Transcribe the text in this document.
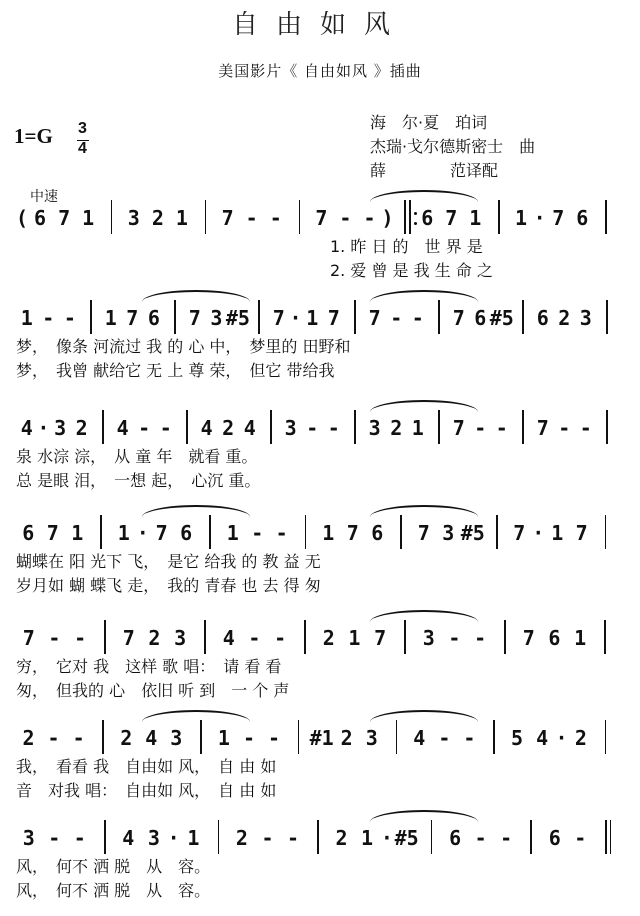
自由如风
美国影片《 自由如风 》插曲
1=G 3
4
海　尔·夏　珀词
杰瑞·戈尔德斯密士　曲
薛　　　　范译配
中速
( 6 7 1 3 2 1 7 - - 7 - - ) 6 7 1 1 · 7 6
1. 昨 日 的　世 界 是
2. 爱 曾 是 我 生 命 之
1 - - 1 7 6 7 3 #5 7 · 1 7 7 - - 7 6 #5 6 2 3
梦，　像条 河流过 我 的 心 中，　梦里的 田野和
梦，　我曾 献给它 无 上 尊 荣，　但它 带给我
4 · 3 2 4 - - 4 2 4 3 - - 3 2 1 7 - - 7 - -
泉 水淙 淙，　从 童 年　就看 重。
总 是眼 泪，　一想 起，　心沉 重。
6 7 1 1 · 7 6 1 - - 1 7 6 7 3 #5 7 · 1 7
蝴蝶在 阳 光下 飞，　是它 给我 的 教 益 无
岁月如 蝴 蝶飞 走，　我的 青春 也 去 得 匆
7 - - 7 2 3 4 - - 2 1 7 3 - - 7 6 1
穷，　它对 我　这样 歌 唱：　请 看 看
匆，　但我的 心　依旧 听 到　一 个 声
2 - - 2 4 3 1 - - #1 2 3 4 - - 5 4 · 2
我，　看看 我　自由如 风，　自 由 如
音　对我 唱：　自由如 风，　自 由 如
3 - - 4 3 · 1 2 - - 2 1 · #5 6 - - 6 -
风，　何不 洒 脱　从　容。
风，　何不 洒 脱　从　容。
